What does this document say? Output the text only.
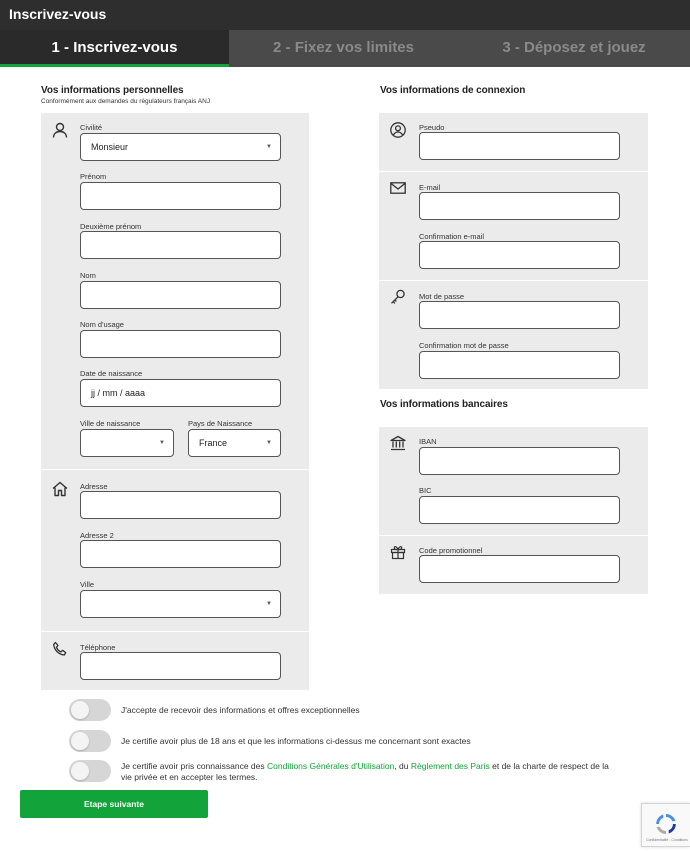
Inscrivez-vous
1 - Inscrivez-vous	2 - Fixez vos limites	3 - Déposez et jouez
Vos informations personnelles
Conformément aux demandes du régulateurs français ANJ
Civilité
Monsieur	▼
Prénom
Deuxième prénom
Nom
Nom d'usage
Date de naissance
jj / mm / aaaa
Ville de naissance
▼
Pays de Naissance
France	▼
Adresse
Adresse 2
Ville
▼
Téléphone
Vos informations de connexion
Pseudo
E-mail
Confirmation e-mail
Mot de passe
Confirmation mot de passe
Vos informations bancaires
IBAN
BIC
Code promotionnel
J'accepte de recevoir des informations et offres exceptionnelles
Je certifie avoir plus de 18 ans et que les informations ci-dessus me concernant sont exactes
Je certifie avoir pris connaissance des Conditions Générales d'Utilisation, du Règlement des Paris et de la charte de respect de la vie privée et en accepter les termes.
Etape suivante
Confidentialité - Conditions
